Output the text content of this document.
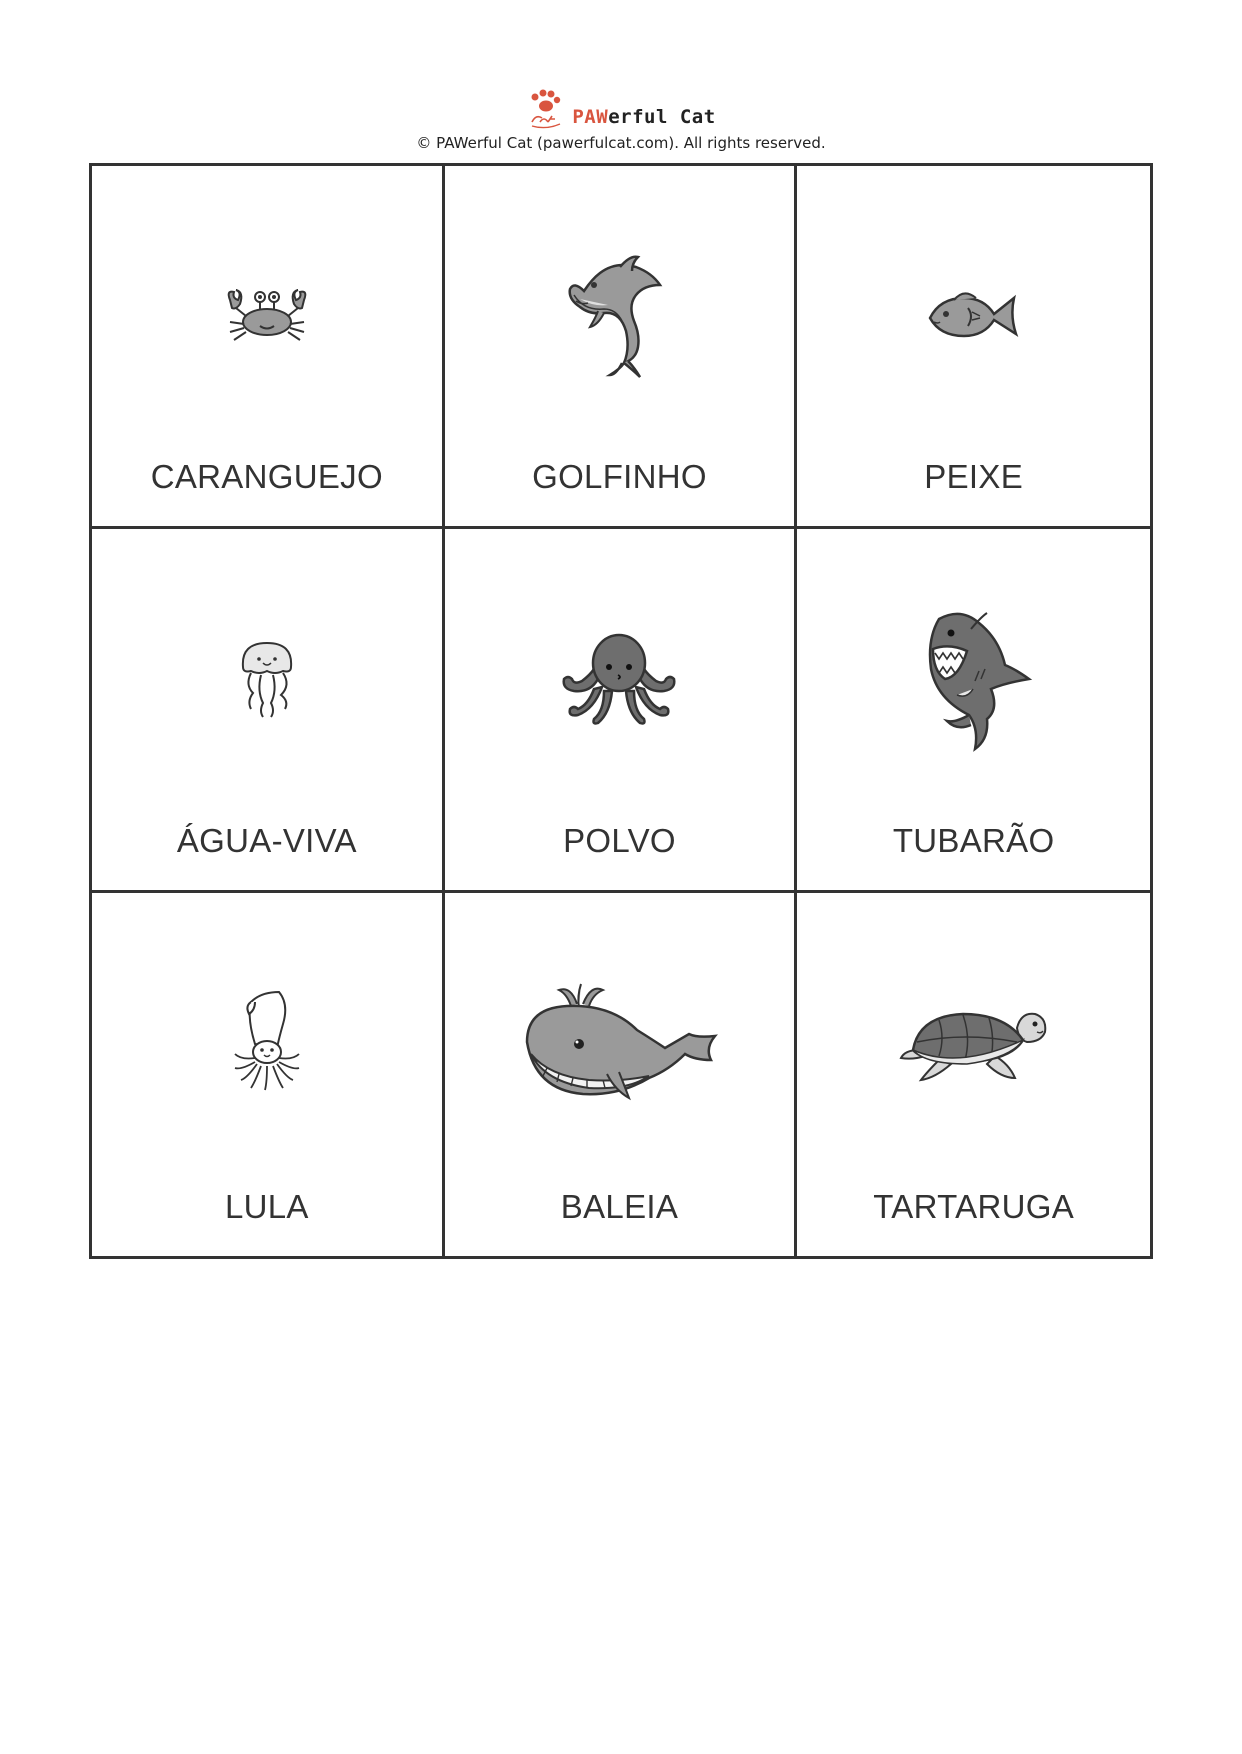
PAWerful Cat
© PAWerful Cat (pawerfulcat.com). All rights reserved.
CARANGUEJO	GOLFINHO	PEIXE
ÁGUA-VIVA	POLVO	TUBARÃO
LULA	BALEIA	TARTARUGA
